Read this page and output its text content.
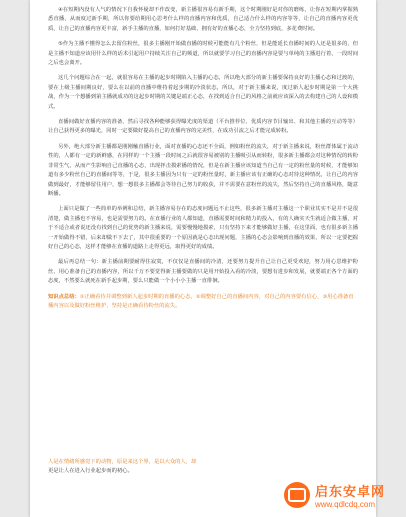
④在短期内没有人气的情况下自我怀疑却不作改变，新主播很容易有新手期，这个时期刚好是对你的磨练，让你在短期内掌握熟悉直播，从而度过新手期，所以你要给期用心思考什么样的直播内容和优质，自己适合什么样的内容等等，让自己的直播内容更优质，让自己的直播内容更丰富，新手主播的直播，如何打好基础，拥有好的直播心态，全力坚持到底，多花费时间。

⑤作为主播不懂得怎么去留住粉丝，很多主播刚开始做直播的时候可能能有几个粉丝，但是能延长直播时间的人还是很多的，但是主播不知道应该用什么样的话术引起用户持续关注自己的频道，所以就要学习自己的直播内容是要与单纯的主播进行着，一段时间之后也会离开。

这几个问题综合在一起，就很容易在主播的起步时期陷入主播的心态，所以绝大部分的新主播要保持良好的主播心态和过渡的，要在上级主播间期良好，要么在以前的直播中维持着起步期的冷淡状态，所以，对于新主播来说，度过新人起步时期是第一个大挑战，作为一个想播到第主播就成功的这起步时期的关键是端正心态，在找到适合自己的风格之前就应该深入的去构建自己的人设和模式。

直播间做好直播内容的准备，然后寻找各种能够获得曝光度的渠道（平台推荐位、优质内容节目输出、和其他主播的互动等等）让自己获得更多的曝光，同时一定要做好提高自己的直播内容的完美性，在成功引流之后才能完成转粉。

另外，绝大部分新主播都是刚刚触直播行业，面对直播的心态还不全面，例如粉丝的流失，对于新主播来说，粉丝群体属于流动性的，人都有一定的新鲜感，在同样的一个主播一段时间之后就很容易被别的主播吸引从而转粉，很多新主播都会对这种情况的转粉非常生气，从而产生影响自己直播的心态，出现抨击摸索播的情况，但是在新主播应该知道当自己有一定的粉丝量的时候，才能够知道有多少粉丝自己的直播间等等，于是，很多主播因为只有一定的粉丝量时，新主播应该有正确的心态对待这种情况，让自己的内容做到最好，才能够留住用户，想一想很多主播都会等待自己努力的收获，并不需要在意粉丝的流失，然后坚持自己的直播风格，随意断播。

上面只是做了一些简单的举例和总结，新主播容易存在的态度问题远不止这些，很多新主播对主播这一个职业其实不是并不是很清楚，做主播也不容易，也是需要努力的。在直播行业的人都知道，直播需要时间和精力的投入，有的人确实天生就适合做主播，对于不适合或者说还没有找到自己的优势的新主播来说，需要慢慢地摸索，只有坚持下来才能够做好主播，在这里面，也有很多新主播一开始做得不错，后来却做不下去了，其中很重要的一个原因就是心态出现问题，主播的心态会影响到直播的效果，所以一定要把握好自己的心态，这样才能够在直播的道路上走得更远，取得更好的成绩。

最后再总结一句：新主播前期要耐得住寂寞，不仅仅是直播间的冷清，还要努力提升自己让自己更受欢迎，努力用心思维护粉丝，用心准备自己的直播内容，所以千万不要觉得新主播要做的只是用开始投入看的冷淡，要想有进步和发展，就要端正各个方面的态度，不然要么就死在新手起步期，要么只能做一个小小小主播一直徘徊。

知识点总结：①正确看待并调整到新人起步时期的直播的心态，②调整好自己的直播间内容，对自己的内容要有信心，③用心准备直播内容以及做好粉丝维护，坚持是正确看待粉丝的流失。

人是在情绪所感觉下的动物，原是来这个界，是以大众的人，却
更是让人在进入行业起步而的初心。
启东安卓网
www.qdlcdq.com
